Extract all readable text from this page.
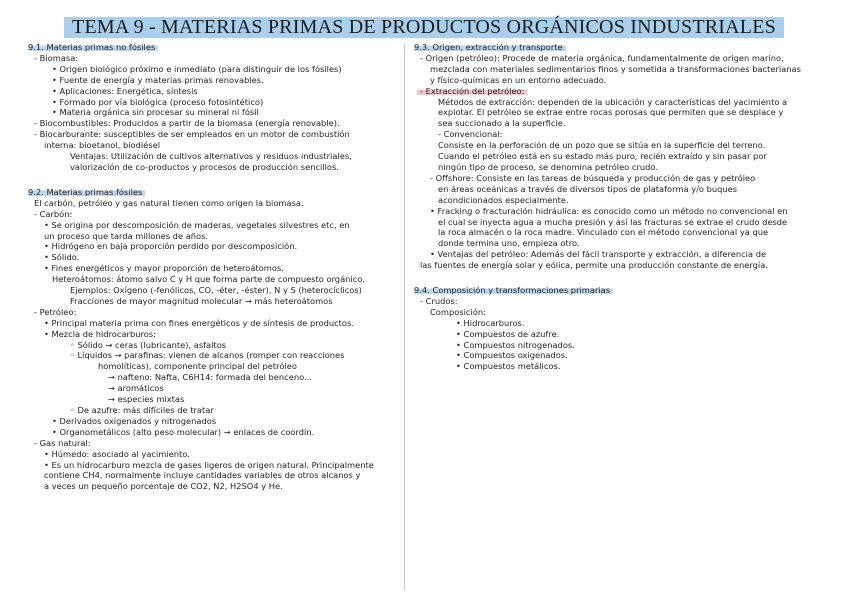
TEMA 9 - MATERIAS PRIMAS DE PRODUCTOS ORGÁNICOS INDUSTRIALES
9.1. Materias primas no fósiles
- Biomasa:
• Origen biológico próximo e inmediato (para distinguir de los fósiles)
• Fuente de energía y materias primas renovables.
• Aplicaciones: Energética, síntesis
• Formado por vía biológica (proceso fotosintético)
• Materia orgánica sin procesar su mineral ni fósil
- Biocombustibles: Producidos a partir de la biomasa (energía renovable).
- Biocarburante: susceptibles de ser empleados en un motor de combustión
interna: bioetanol, biodiésel
Ventajas: Utilización de cultivos alternativos y residuos industriales,
valorización de co-productos y procesos de producción sencillos.
9.2. Materias primas fósiles
El carbón, petróleo y gas natural tienen como origen la biomasa.
- Carbón:
• Se origina por descomposición de maderas, vegetales silvestres etc, en
un proceso que tarda millones de años.
• Hidrógeno en baja proporción perdido por descomposición.
• Sólido.
• Fines energéticos y mayor proporción de heteroátomos.
Heteroátomos: átomo salvo C y H que forma parte de compuesto orgánico.
Ejemplos: Oxígeno (-fenólicos, CO, -éter, -éster), N y S (heterocíclicos)
Fracciones de mayor magnitud molecular → más heteroátomos
- Petróleo:
• Principal materia prima con fines energéticos y de síntesis de productos.
• Mezcla de hidrocarburos:
◦ Sólido → ceras (lubricante), asfaltos
◦ Líquidos → parafinas: vienen de alcanos (romper con reacciones
homolíticas), componente principal del petróleo
→ nafteno: Nafta, C6H14: formada del benceno...
→ aromáticos
→ especies mixtas
◦ De azufre: más difíciles de tratar
• Derivados oxigenados y nitrogenados
• Organometálicos (alto peso molecular) → enlaces de coordin.
- Gas natural:
• Húmedo: asociado al yacimiento.
• Es un hidrocarburo mezcla de gases ligeros de origen natural. Principalmente
contiene CH4, normalmente incluye cantidades variables de otros alcanos y
a veces un pequeño porcentaje de CO2, N2, H2SO4 y He.
9.3. Origen, extracción y transporte
- Origen (petróleo): Procede de materia orgánica, fundamentalmente de origen marino,
mezclada con materiales sedimentarios finos y sometida a transformaciones bacterianas
y físico-químicas en un entorno adecuado.
- Extracción del petróleo:
Métodos de extracción: dependen de la ubicación y características del yacimiento a
explotar. El petróleo se extrae entre rocas porosas que permiten que se desplace y
sea succionado a la superficie.
- Convencional:
Consiste en la perforación de un pozo que se sitúa en la superficie del terreno.
Cuando el petróleo está en su estado más puro, recién extraído y sin pasar por
ningún tipo de proceso, se denomina petróleo crudo.
- Offshore: Consiste en las tareas de búsqueda y producción de gas y petróleo
en áreas oceánicas a través de diversos tipos de plataforma y/o buques
acondicionados especialmente.
• Fracking o fracturación hidráulica: es conocido como un método no convencional en
el cual se inyecta agua a mucha presión y así las fracturas se extrae el crudo desde
la roca almacén o la roca madre. Vinculado con el método convencional ya que
donde termina uno, empieza otro.
• Ventajas del petróleo: Además del fácil transporte y extracción, a diferencia de
las fuentes de energía solar y eólica, permite una producción constante de energía.
9.4. Composición y transformaciones primarias
- Crudos:
Composición:
• Hidrocarburos.
• Compuestos de azufre.
• Compuestos nitrogenados.
• Compuestos oxigenados.
• Compuestos metálicos.
